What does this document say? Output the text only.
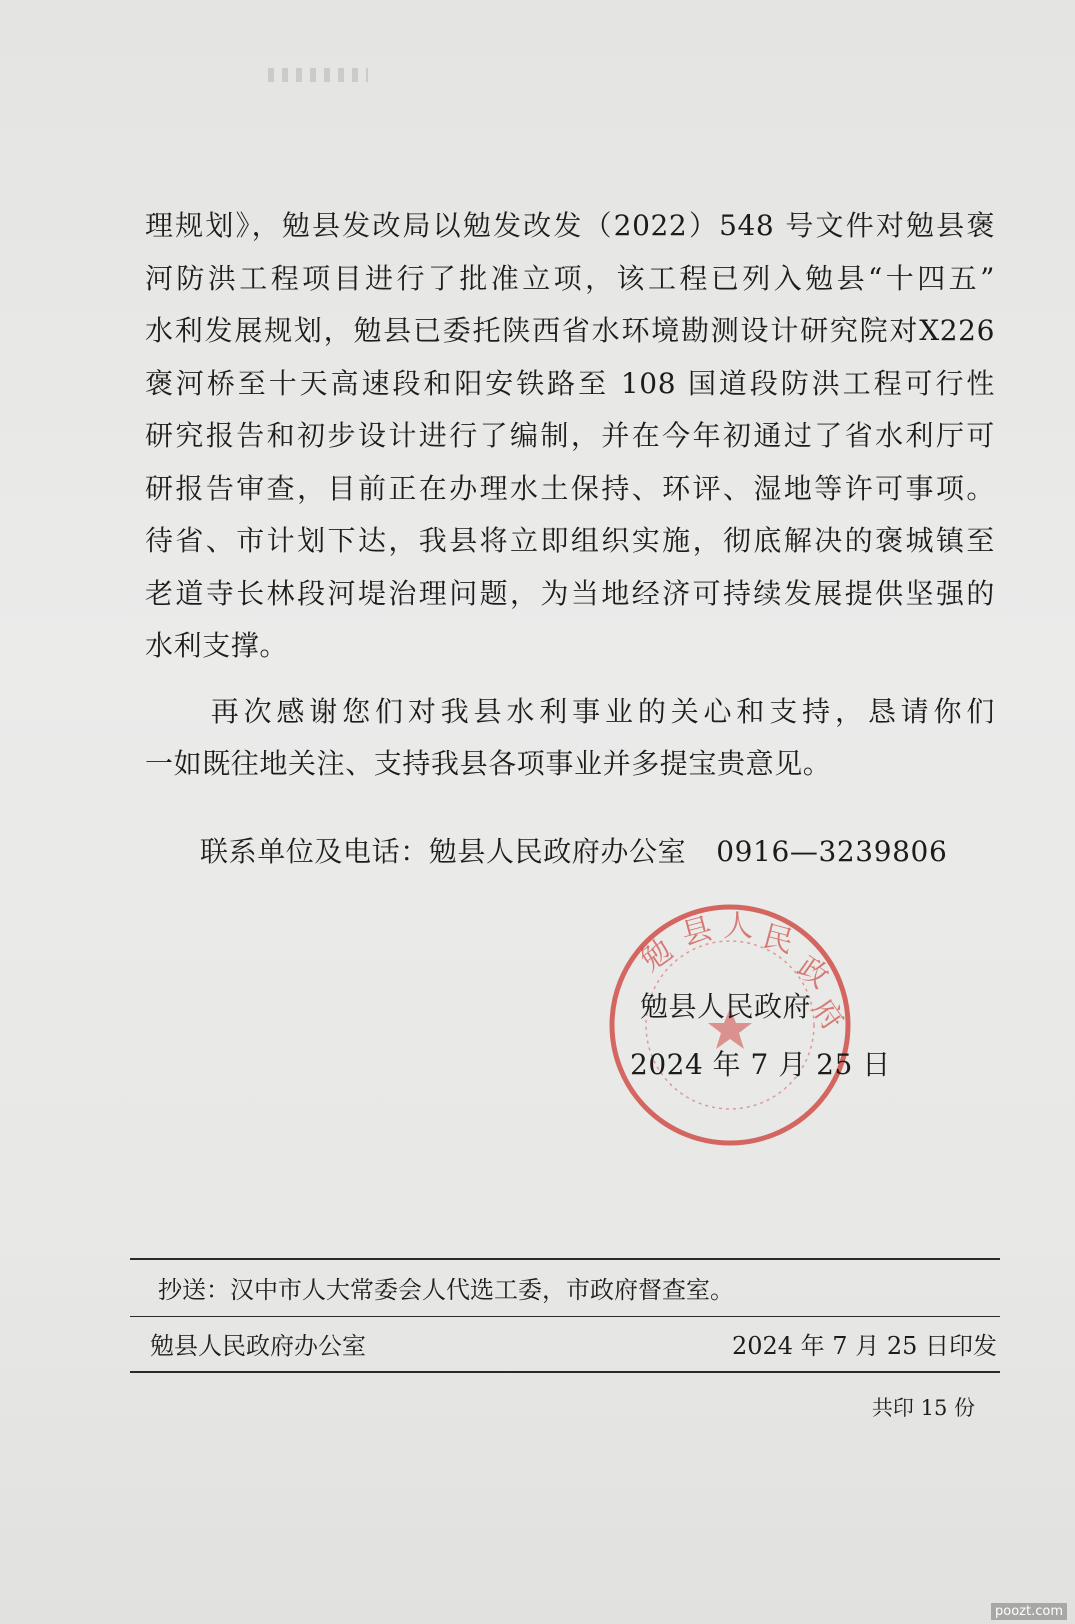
理规划》，勉县发改局以勉发改发（2022）548 号文件对勉县褒
河防洪工程项目进行了批准立项，该工程已列入勉县“十四五”
水利发展规划，勉县已委托陕西省水环境勘测设计研究院对X226
褒河桥至十天高速段和阳安铁路至 108 国道段防洪工程可行性
研究报告和初步设计进行了编制，并在今年初通过了省水利厅可
研报告审查，目前正在办理水土保持、环评、湿地等许可事项。
待省、市计划下达，我县将立即组织实施，彻底解决的褒城镇至
老道寺长林段河堤治理问题，为当地经济可持续发展提供坚强的
水利支撑。

　　再次感谢您们对我县水利事业的关心和支持，恳请你们
一如既往地关注、支持我县各项事业并多提宝贵意见。

联系单位及电话：勉县人民政府办公室 0916—3239806
勉
县 人 民
政
府
勉县人民政府
2024 年 7 月 25 日
抄送：汉中市人大常委会人代选工委，市政府督查室。
勉县人民政府办公室	2024 年 7 月 25 日印发
共印 15 份
poozt.com
